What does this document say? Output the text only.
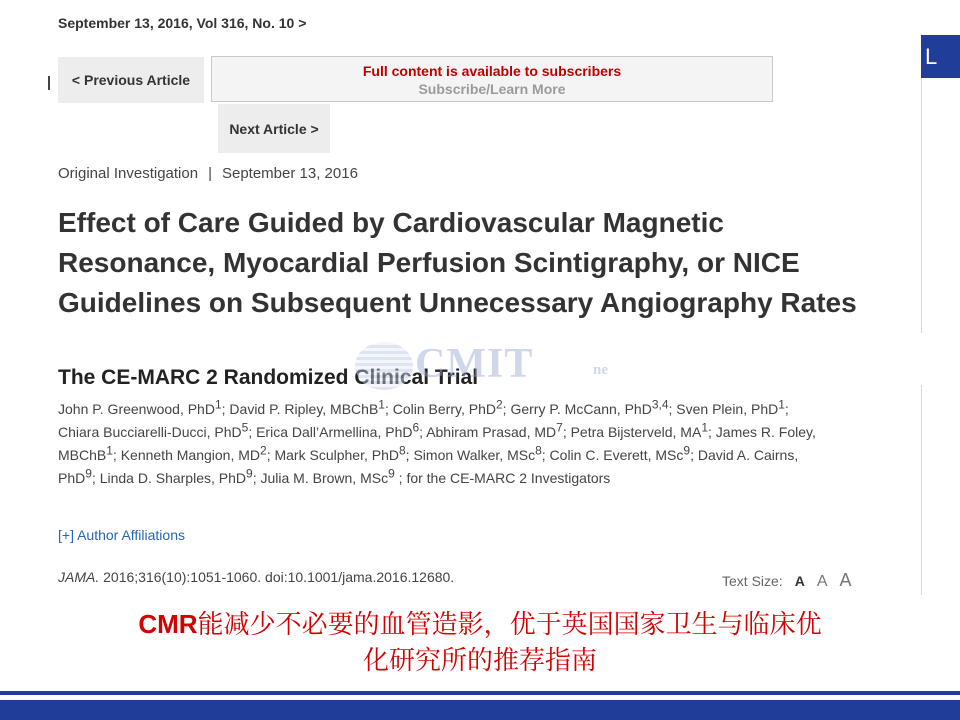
L
September 13, 2016, Vol 316, No. 10 >
< Previous Article
Full content is available to subscribers
Subscribe/Learn More
Next Article >
Original Investigation | September 13, 2016
Effect of Care Guided by Cardiovascular Magnetic Resonance, Myocardial Perfusion Scintigraphy, or NICE Guidelines on Subsequent Unnecessary Angiography Rates
The CE-MARC 2 Randomized Clinical Trial
CMIT	ne
John P. Greenwood, PhD$^1$; David P. Ripley, MBChB$^1$; Colin Berry, PhD$^2$; Gerry P. McCann, PhD$^{3,4}$; Sven Plein, PhD$^1$; Chiara Bucciarelli-Ducci, PhD$^5$; Erica Dall’Armellina, PhD$^6$; Abhiram Prasad, $MD^7$; Petra Bijsterveld, $MA^1$; James R. Foley, MBChB$^1$; Kenneth Mangion, $MD^2$; Mark Sculpher, PhD$^8$; Simon Walker, MSc$^8$; Colin C. Everett, MSc$^9$; David A. Cairns, PhD$^9$; Linda D. Sharples, PhD$^9$; Julia M. Brown, MSc$^9$ ; for the CE-MARC 2 Investigators
[+] Author Affiliations
JAMA. 2016;316(10):1051-1060. doi:10.1001/jama.2016.12680.	Text Size: A A A
CMR能减少不必要的血管造影，优于英国国家卫生与临床优
化研究所的推荐指南
